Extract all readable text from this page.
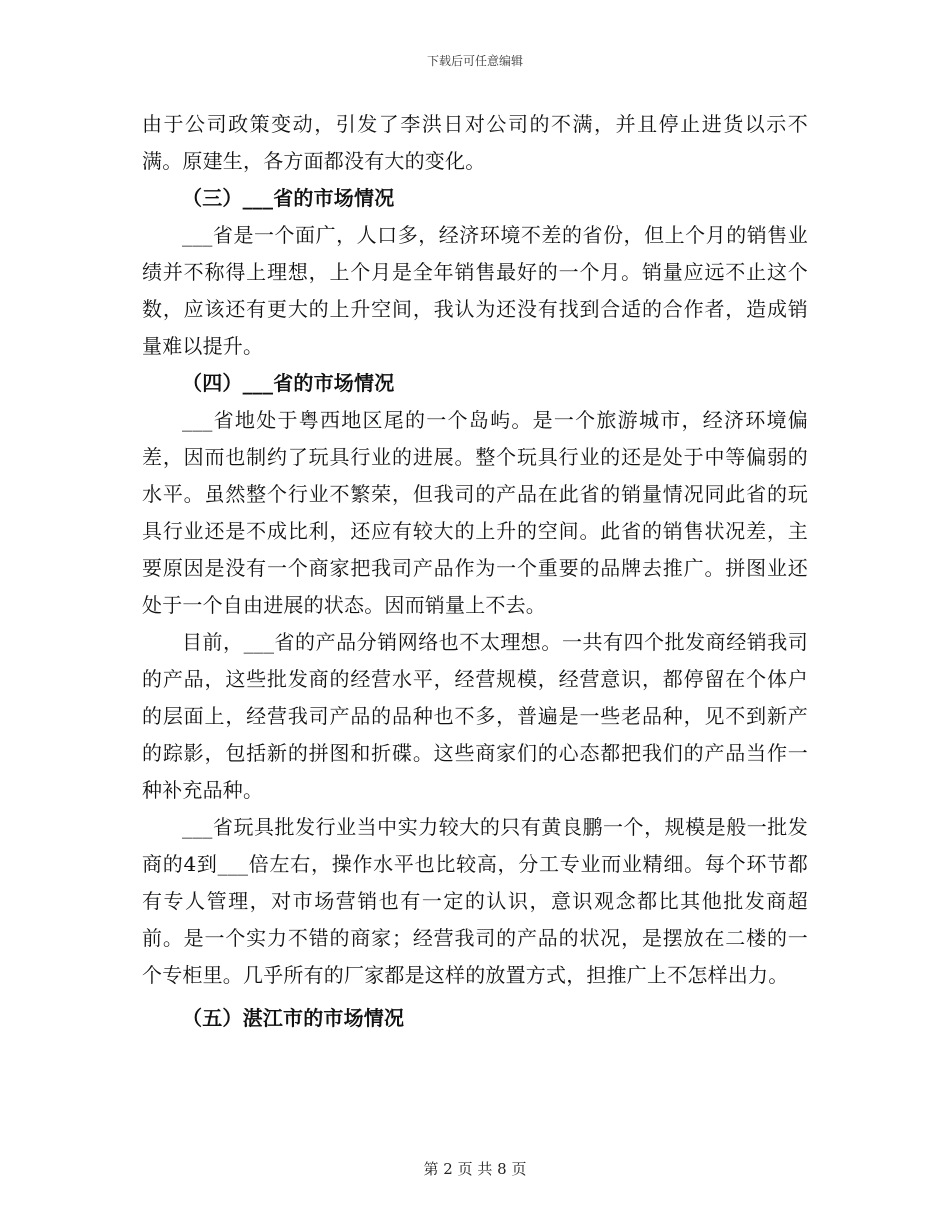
下载后可任意编辑

由于公司政策变动，引发了李洪日对公司的不满，并且停止进货以示不满。原建生，各方面都没有大的变化。

（三）___省的市场情况

___省是一个面广，人口多，经济环境不差的省份，但上个月的销售业绩并不称得上理想，上个月是全年销售最好的一个月。销量应远不止这个数，应该还有更大的上升空间，我认为还没有找到合适的合作者，造成销量难以提升。

（四）___省的市场情况

___省地处于粤西地区尾的一个岛屿。是一个旅游城市，经济环境偏差，因而也制约了玩具行业的进展。整个玩具行业的还是处于中等偏弱的水平。虽然整个行业不繁荣，但我司的产品在此省的销量情况同此省的玩具行业还是不成比利，还应有较大的上升的空间。此省的销售状况差，主要原因是没有一个商家把我司产品作为一个重要的品牌去推广。拼图业还处于一个自由进展的状态。因而销量上不去。

目前，___省的产品分销网络也不太理想。一共有四个批发商经销我司的产品，这些批发商的经营水平，经营规模，经营意识，都停留在个体户的层面上，经营我司产品的品种也不多，普遍是一些老品种，见不到新产的踪影，包括新的拼图和折碟。这些商家们的心态都把我们的产品当作一种补充品种。

___省玩具批发行业当中实力较大的只有黄良鹏一个，规模是般一批发商的4到___倍左右，操作水平也比较高，分工专业而业精细。每个环节都有专人管理，对市场营销也有一定的认识，意识观念都比其他批发商超前。是一个实力不错的商家；经营我司的产品的状况，是摆放在二楼的一个专柜里。几乎所有的厂家都是这样的放置方式，担推广上不怎样出力。

（五）湛江市的市场情况

第 2 页 共 8 页
